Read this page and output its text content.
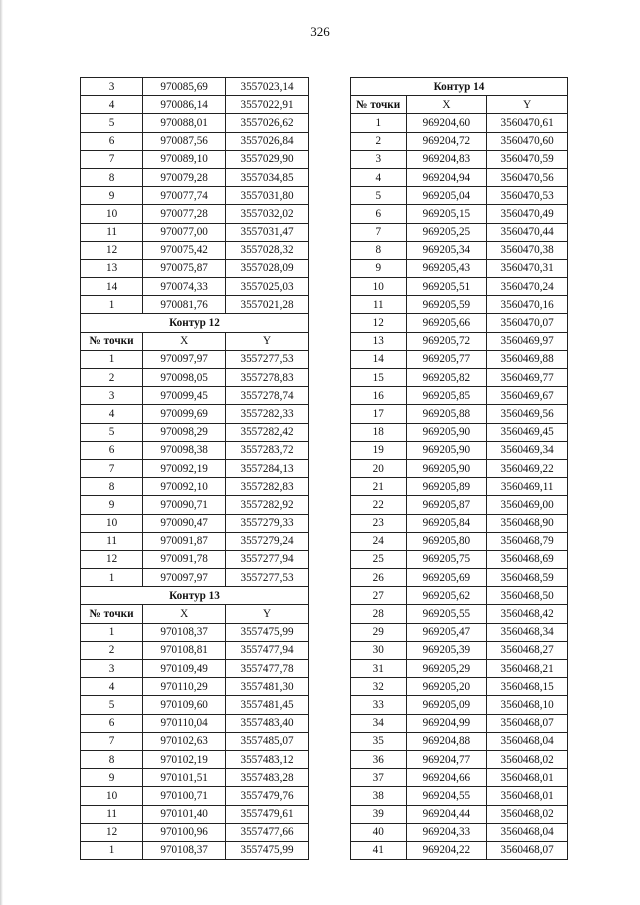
326
3	970085,69	3557023,14
4	970086,14	3557022,91
5	970088,01	3557026,62
6	970087,56	3557026,84
7	970089,10	3557029,90
8	970079,28	3557034,85
9	970077,74	3557031,80
10	970077,28	3557032,02
11	970077,00	3557031,47
12	970075,42	3557028,32
13	970075,87	3557028,09
14	970074,33	3557025,03
1	970081,76	3557021,28
Контур 12		
№ точки	X	Y
1	970097,97	3557277,53
2	970098,05	3557278,83
3	970099,45	3557278,74
4	970099,69	3557282,33
5	970098,29	3557282,42
6	970098,38	3557283,72
7	970092,19	3557284,13
8	970092,10	3557282,83
9	970090,71	3557282,92
10	970090,47	3557279,33
11	970091,87	3557279,24
12	970091,78	3557277,94
1	970097,97	3557277,53
Контур 13		
№ точки	X	Y
1	970108,37	3557475,99
2	970108,81	3557477,94
3	970109,49	3557477,78
4	970110,29	3557481,30
5	970109,60	3557481,45
6	970110,04	3557483,40
7	970102,63	3557485,07
8	970102,19	3557483,12
9	970101,51	3557483,28
10	970100,71	3557479,76
11	970101,40	3557479,61
12	970100,96	3557477,66
1	970108,37	3557475,99
Контур 14		
№ точки	X	Y
1	969204,60	3560470,61
2	969204,72	3560470,60
3	969204,83	3560470,59
4	969204,94	3560470,56
5	969205,04	3560470,53
6	969205,15	3560470,49
7	969205,25	3560470,44
8	969205,34	3560470,38
9	969205,43	3560470,31
10	969205,51	3560470,24
11	969205,59	3560470,16
12	969205,66	3560470,07
13	969205,72	3560469,97
14	969205,77	3560469,88
15	969205,82	3560469,77
16	969205,85	3560469,67
17	969205,88	3560469,56
18	969205,90	3560469,45
19	969205,90	3560469,34
20	969205,90	3560469,22
21	969205,89	3560469,11
22	969205,87	3560469,00
23	969205,84	3560468,90
24	969205,80	3560468,79
25	969205,75	3560468,69
26	969205,69	3560468,59
27	969205,62	3560468,50
28	969205,55	3560468,42
29	969205,47	3560468,34
30	969205,39	3560468,27
31	969205,29	3560468,21
32	969205,20	3560468,15
33	969205,09	3560468,10
34	969204,99	3560468,07
35	969204,88	3560468,04
36	969204,77	3560468,02
37	969204,66	3560468,01
38	969204,55	3560468,01
39	969204,44	3560468,02
40	969204,33	3560468,04
41	969204,22	3560468,07
